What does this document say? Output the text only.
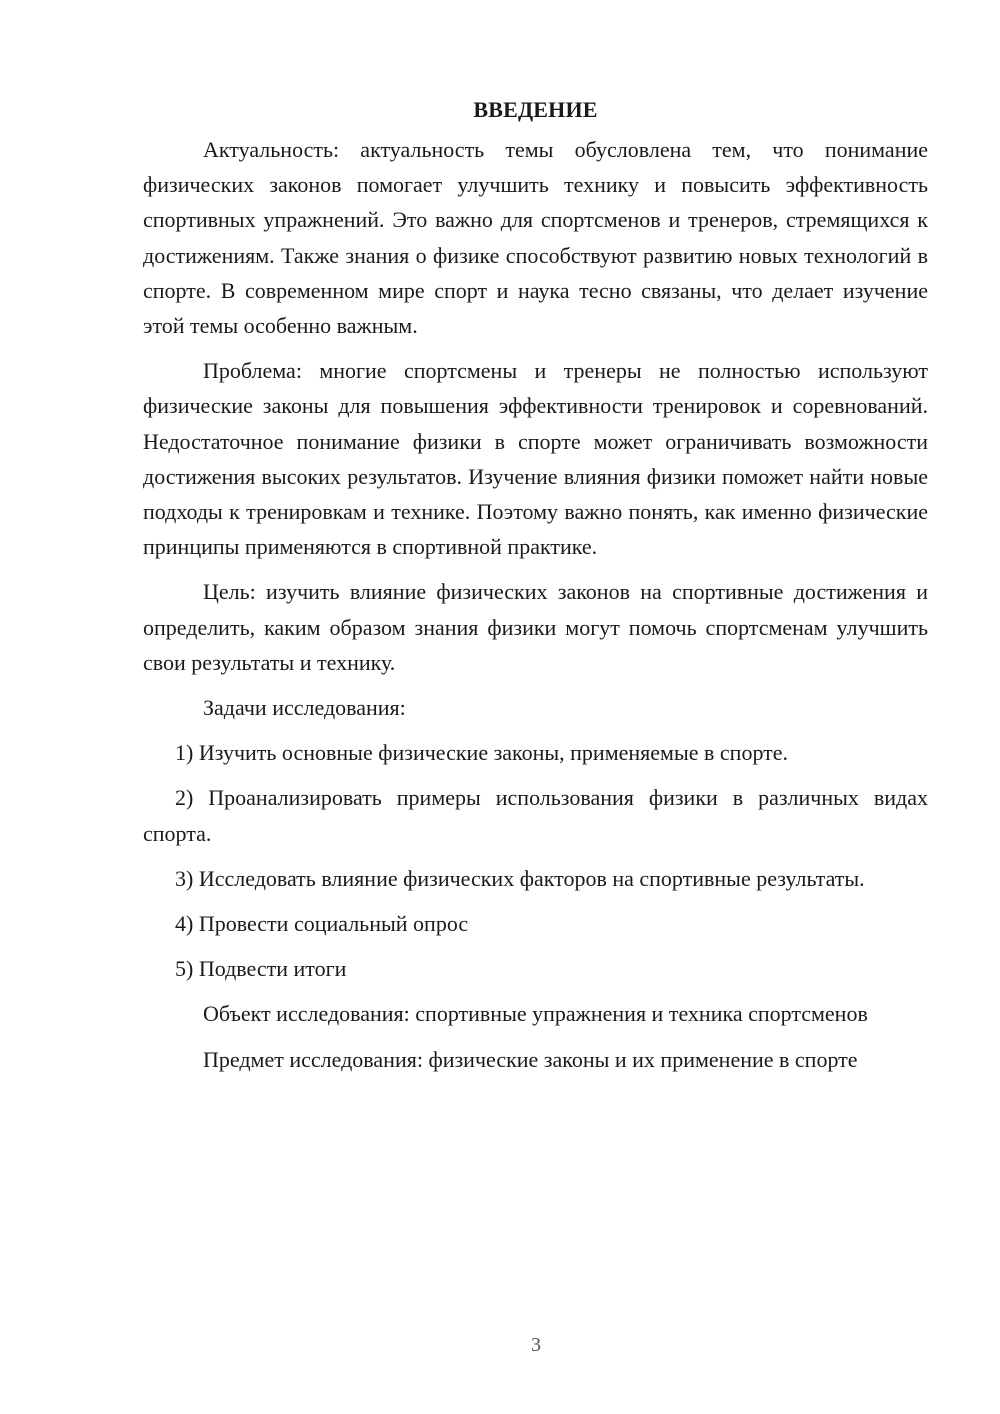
ВВЕДЕНИЕ

Актуальность: актуальность темы обусловлена тем, что понимание физических законов помогает улучшить технику и повысить эффективность спортивных упражнений. Это важно для спортсменов и тренеров, стремящихся к достижениям. Также знания о физике способствуют развитию новых технологий в спорте. В современном мире спорт и наука тесно связаны, что делает изучение этой темы особенно важным.

Проблема: многие спортсмены и тренеры не полностью используют физические законы для повышения эффективности тренировок и соревнований. Недостаточное понимание физики в спорте может ограничивать возможности достижения высоких результатов. Изучение влияния физики поможет найти новые подходы к тренировкам и технике. Поэтому важно понять, как именно физические принципы применяются в спортивной практике.

Цель: изучить влияние физических законов на спортивные достижения и определить, каким образом знания физики могут помочь спортсменам улучшить свои результаты и технику.

Задачи исследования:

1) Изучить основные физические законы, применяемые в спорте.

2) Проанализировать примеры использования физики в различных видах спорта.

3) Исследовать влияние физических факторов на спортивные результаты.

4) Провести социальный опрос

5) Подвести итоги

Объект исследования: спортивные упражнения и техника спортсменов

Предмет исследования: физические законы и их применение в спорте

3
